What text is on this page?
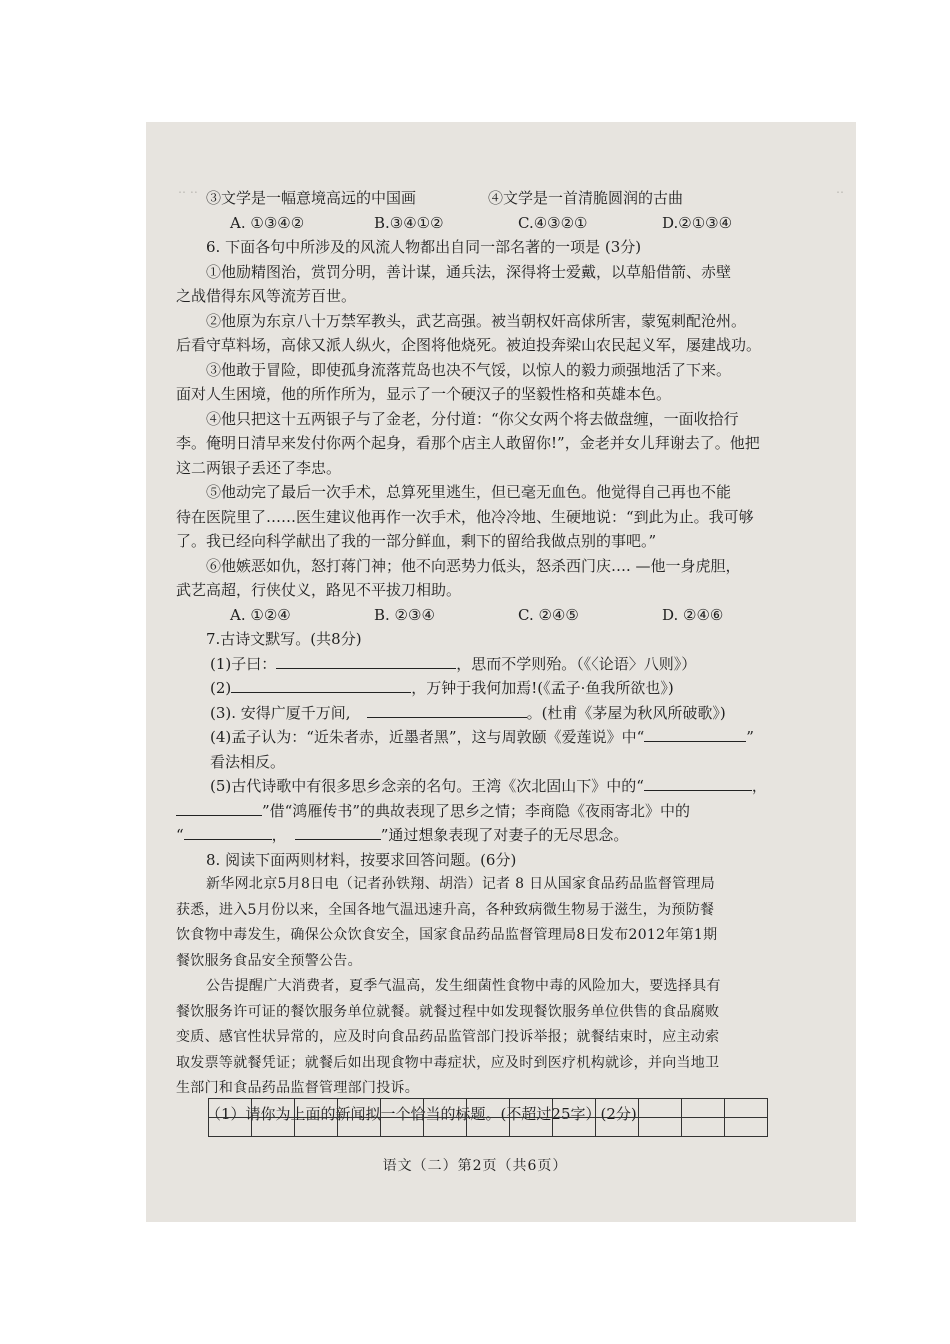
‥ ‥	‥
③文学是一幅意境高远的中国画	④文学是一首清脆圆润的古曲
A. ①③④②	B.③④①②	C.④③②①	D.②①③④
6. 下面各句中所涉及的风流人物都出自同一部名著的一项是 (3分)
①他励精图治，赏罚分明，善计谋，通兵法，深得将士爱戴，以草船借箭、赤壁
之战借得东风等流芳百世。
②他原为东京八十万禁军教头，武艺高强。被当朝权奸高俅所害，蒙冤刺配沧州。
后看守草料场，高俅又派人纵火，企图将他烧死。被迫投奔梁山农民起义军，屡建战功。
③他敢于冒险，即使孤身流落荒岛也决不气馁，以惊人的毅力顽强地活了下来。
面对人生困境，他的所作所为，显示了一个硬汉子的坚毅性格和英雄本色。
④他只把这十五两银子与了金老，分付道：“你父女两个将去做盘缠，一面收拾行
李。俺明日清早来发付你两个起身，看那个店主人敢留你!”，金老并女儿拜谢去了。他把
这二两银子丢还了李忠。
⑤他动完了最后一次手术，总算死里逃生，但已毫无血色。他觉得自己再也不能
待在医院里了……医生建议他再作一次手术，他冷冷地、生硬地说：“到此为止。我可够
了。我已经向科学献出了我的一部分鲜血，剩下的留给我做点别的事吧。”
⑥他嫉恶如仇，怒打蒋门神；他不向恶势力低头，怒杀西门庆…. —他一身虎胆，
武艺高超，行侠仗义，路见不平拔刀相助。
A. ①②④	B. ②③④	C. ②④⑤	D. ②④⑥
7.古诗文默写。(共8分)
(1)子曰：	，思而不学则殆。（《〈论语〉八则》）
(2)	，万钟于我何加焉!(《孟子·鱼我所欲也》)
(3). 安得广厦千万间,	。(杜甫《茅屋为秋风所破歌》)
(4)孟子认为：“近朱者赤，近墨者黑”，这与周敦颐《爱莲说》中“	”
看法相反。
(5)古代诗歌中有很多思乡念亲的名句。王湾《次北固山下》中的“	，
”借“鸿雁传书”的典故表现了思乡之情；李商隐《夜雨寄北》中的
“	，	”通过想象表现了对妻子的无尽思念。
8. 阅读下面两则材料，按要求回答问题。(6分)
新华网北京5月8日电（记者孙铁翔、胡浩）记者 8 日从国家食品药品监督管理局
获悉，进入5月份以来，全国各地气温迅速升高，各种致病微生物易于滋生，为预防餐
饮食物中毒发生，确保公众饮食安全，国家食品药品监督管理局8日发布2012年第1期
餐饮服务食品安全预警公告。
公告提醒广大消费者，夏季气温高，发生细菌性食物中毒的风险加大，要选择具有
餐饮服务许可证的餐饮服务单位就餐。就餐过程中如发现餐饮服务单位供售的食品腐败
变质、感官性状异常的，应及时向食品药品监管部门投诉举报；就餐结束时，应主动索
取发票等就餐凭证；就餐后如出现食物中毒症状，应及时到医疗机构就诊，并向当地卫
生部门和食品药品监督管理部门投诉。
（1）请你为上面的新闻拟一个恰当的标题。(不超过25字）(2分)
语文（二）第2页（共6页）
